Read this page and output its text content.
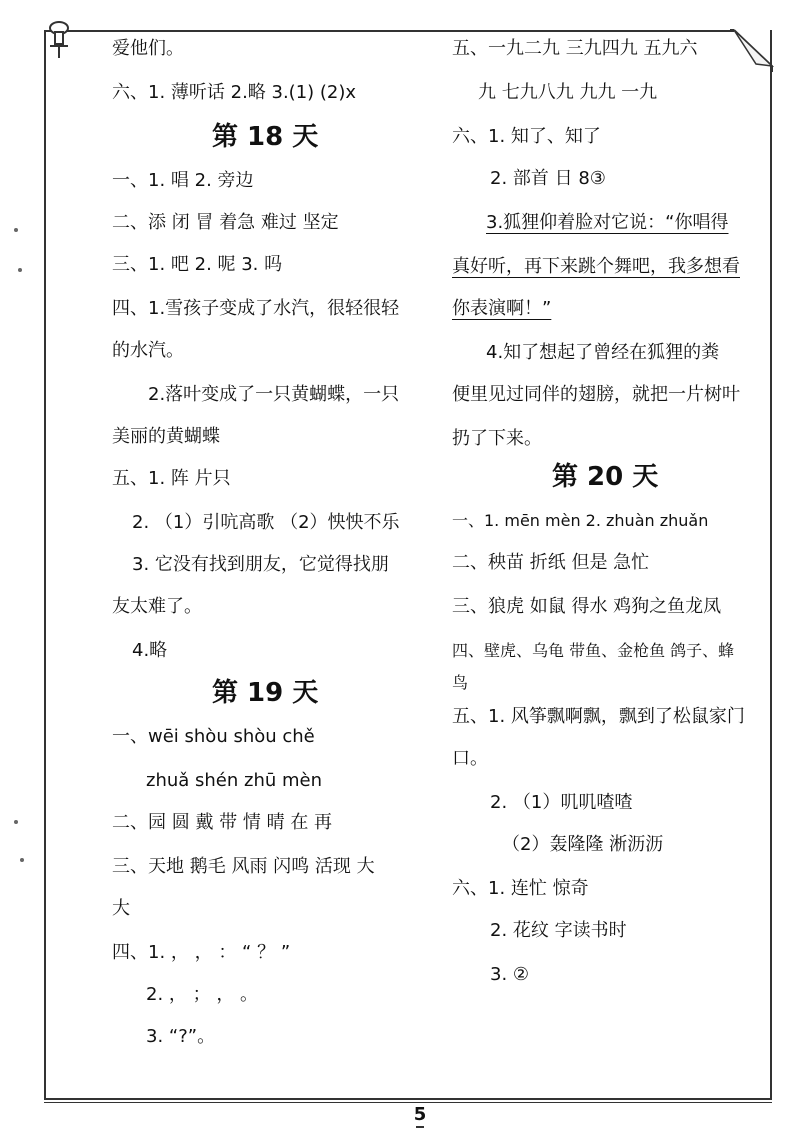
爱他们。
六、1. 薄听话 2.略 3.(1) (2)x
第 18 天
一、1. 唱 2. 旁边
二、添 闭 冒 着急 难过 坚定
三、1. 吧 2. 呢 3. 吗
四、1.雪孩子变成了水汽，很轻很轻
的水汽。
2.落叶变成了一只黄蝴蝶，一只
美丽的黄蝴蝶
五、1. 阵 片只
2. （1）引吭高歌 （2）怏怏不乐
3. 它没有找到朋友，它觉得找朋
友太难了。
4.略
第 19 天
一、wēi shòu shòu chě
zhuǎ shén zhū mèn
二、园 圆 戴 带 情 晴 在 再
三、天地 鹅毛 风雨 闪鸣 活现 大
大
四、1. ， ， ： “ ？ ”
2. ， ； ， 。
3. “?”。
五、一九二九 三九四九 五九六
九 七九八九 九九 一九
六、1. 知了、知了
2. 部首 日 8③
3.狐狸仰着脸对它说：“你唱得
真好听，再下来跳个舞吧，我多想看
你表演啊！”
4.知了想起了曾经在狐狸的粪
便里见过同伴的翅膀，就把一片树叶
扔了下来。
第 20 天
一、1. mēn mèn 2. zhuàn zhuǎn
二、秧苗 折纸 但是 急忙
三、狼虎 如鼠 得水 鸡狗之鱼龙凤
四、壁虎、乌龟 带鱼、金枪鱼 鸽子、蜂
鸟
五、1. 风筝飘啊飘，飘到了松鼠家门
口。
2. （1）叽叽喳喳
（2）轰隆隆 淅沥沥
六、1. 连忙 惊奇
2. 花纹 字读书时
3. ②
5
